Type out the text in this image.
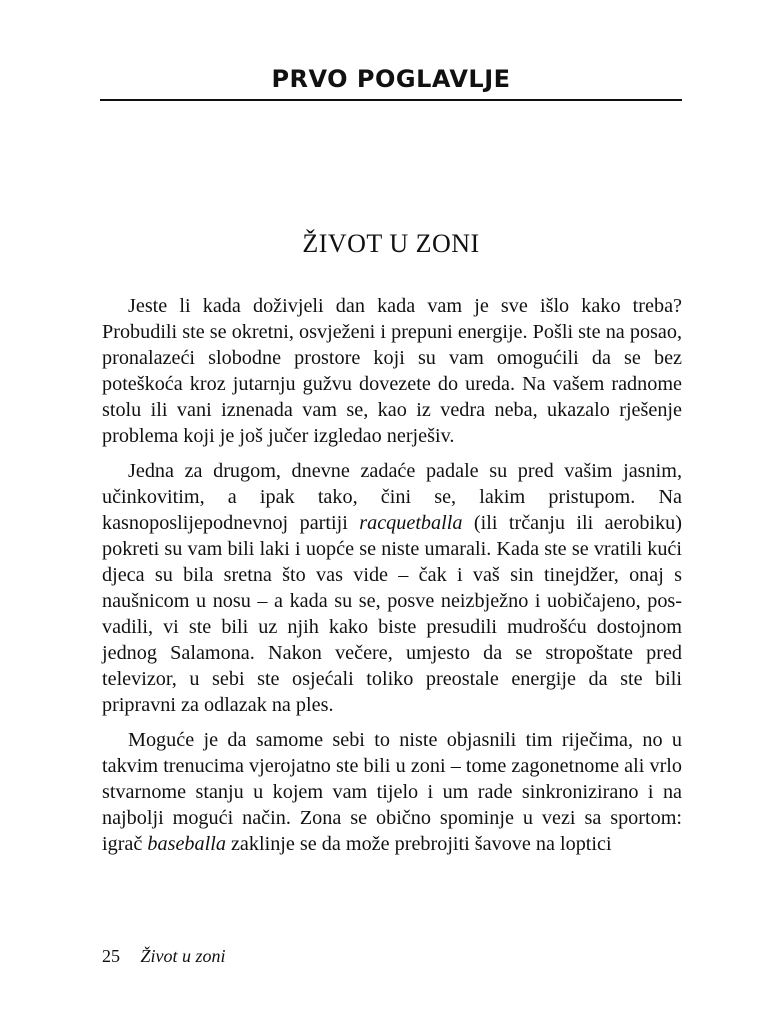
PRVO POGLAVLJE
ŽIVOT U ZONI

Jeste li kada doživjeli dan kada vam je sve išlo kako treba? Probudili ste se okretni, osvježeni i prepuni energije. Pošli ste na posao, pronalazeći slobodne prostore koji su vam omogućili da se bez poteškoća kroz jutarnju gužvu dovezete do ureda. Na vašem radnome stolu ili vani iznenada vam se, kao iz vedra neba, ukazalo rješenje problema koji je još jučer izgledao nerješiv.

Jedna za drugom, dnevne zadaće padale su pred vašim jasnim, učinkovitim, a ipak tako, čini se, lakim pristupom. Na kasnoposlijepodnevnoj partiji racquetballa (ili trčanju ili aerobiku) pokreti su vam bili laki i uopće se niste umarali. Kada ste se vratili kući djeca su bila sretna što vas vide – čak i vaš sin tinejdžer, onaj s naušnicom u nosu – a kada su se, posve neizbježno i uobičajeno, posvadili, vi ste bili uz njih kako biste presudili mudrošću dostojnom jednog Salamona. Nakon večere, umjesto da se stropoštate pred televizor, u sebi ste osjećali toliko preostale energije da ste bili pripravni za odlazak na ples.

Moguće je da samome sebi to niste objasnili tim riječima, no u takvim trenucima vjerojatno ste bili u zoni – tome zagonetnome ali vrlo stvarnome stanju u kojem vam tijelo i um rade sinkronizirano i na najbolji mogući način. Zona se obično spominje u vezi sa sportom: igrač baseballa zaklinje se da može prebrojiti šavove na loptici

25 Život u zoni
